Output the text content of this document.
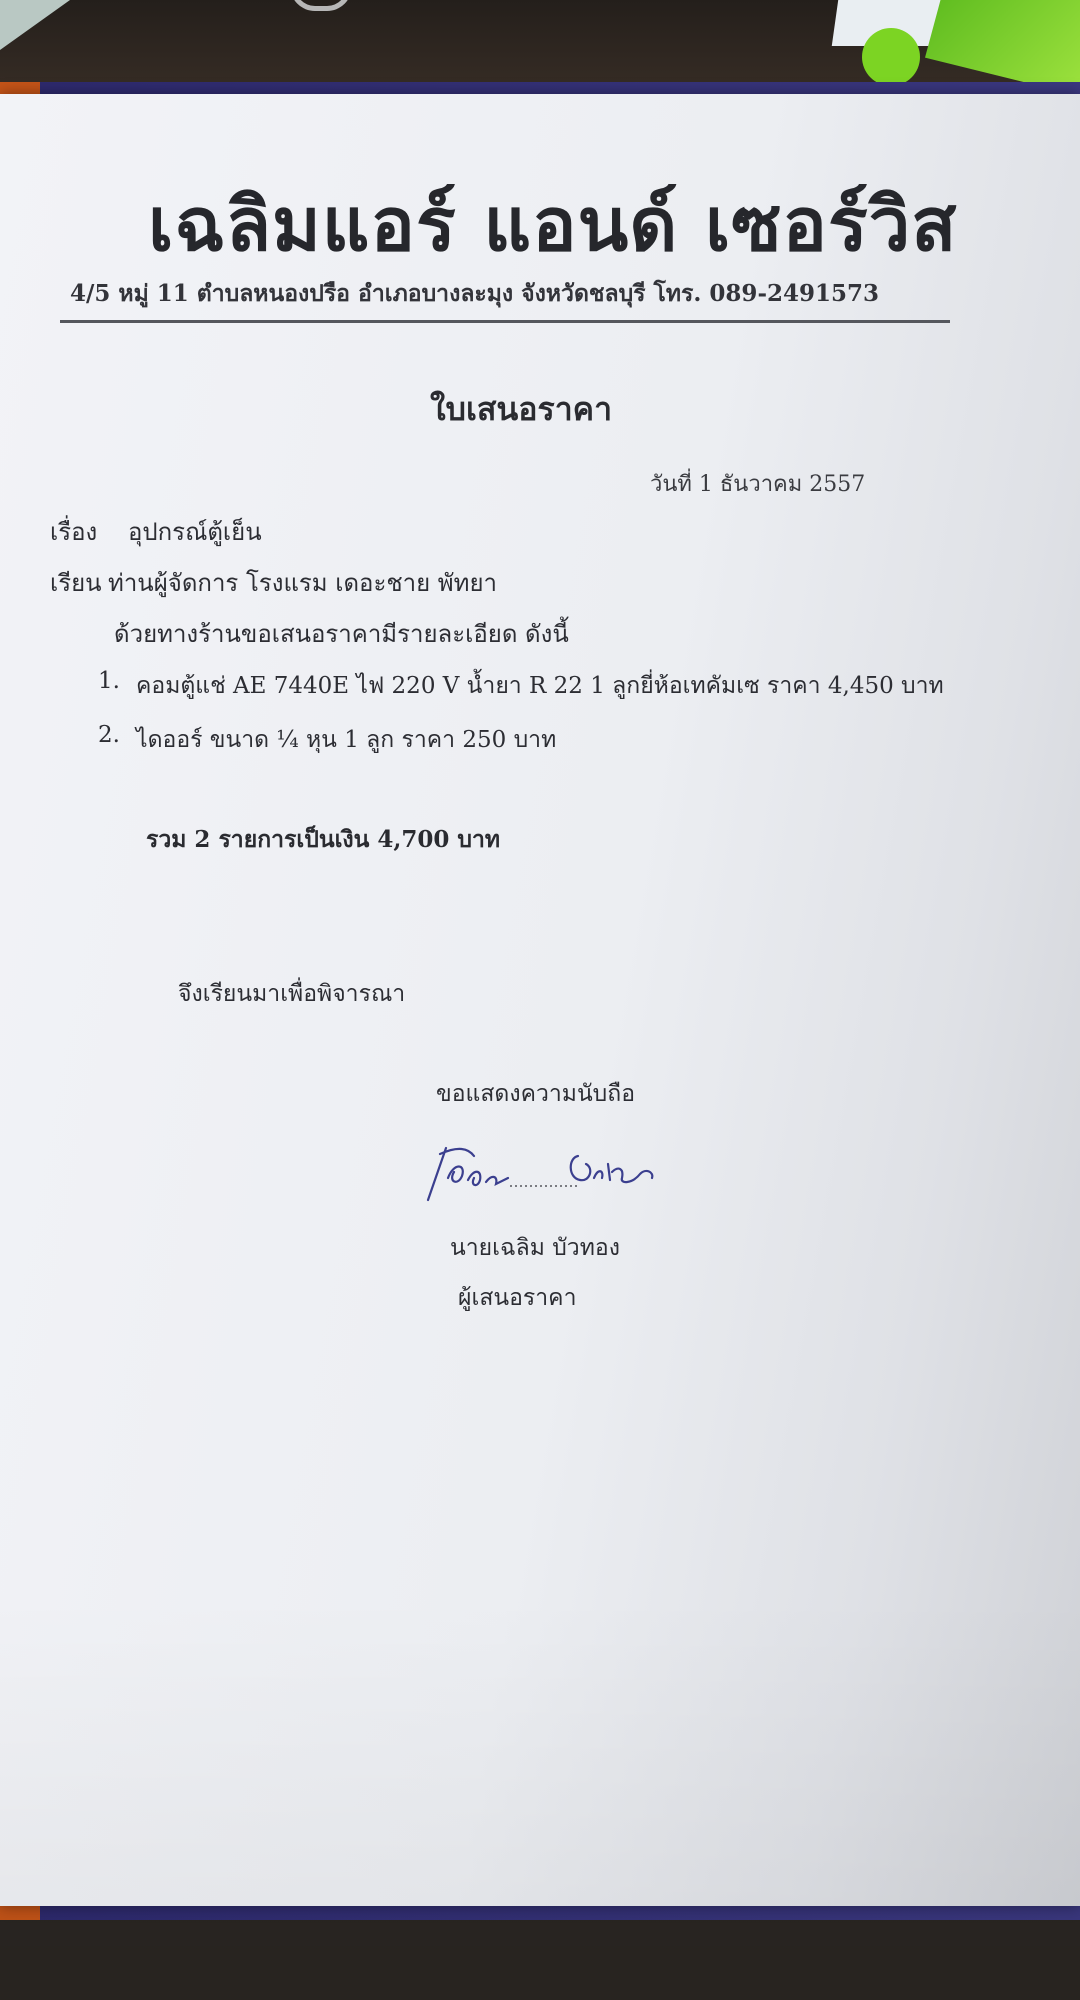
เฉลิมแอร์ แอนด์ เซอร์วิส
4/5 หมู่ 11 ตำบลหนองปรือ อำเภอบางละมุง จังหวัดชลบุรี โทร. 089-2491573
ใบเสนอราคา
วันที่ 1 ธันวาคม 2557
เรื่อง อุปกรณ์ตู้เย็น
เรียน ท่านผู้จัดการ โรงแรม เดอะชาย พัทยา
ด้วยทางร้านขอเสนอราคามีรายละเอียด ดังนี้
1. คอมตู้แช่ AE 7440E ไฟ 220 V น้ำยา R 22 1 ลูกยี่ห้อเทคัมเซ ราคา 4,450 บาท
2. ไดออร์ ขนาด ¼ หุน 1 ลูก ราคา 250 บาท
รวม 2 รายการเป็นเงิน 4,700 บาท
จึงเรียนมาเพื่อพิจารณา
ขอแสดงความนับถือ
นายเฉลิม บัวทอง
ผู้เสนอราคา
